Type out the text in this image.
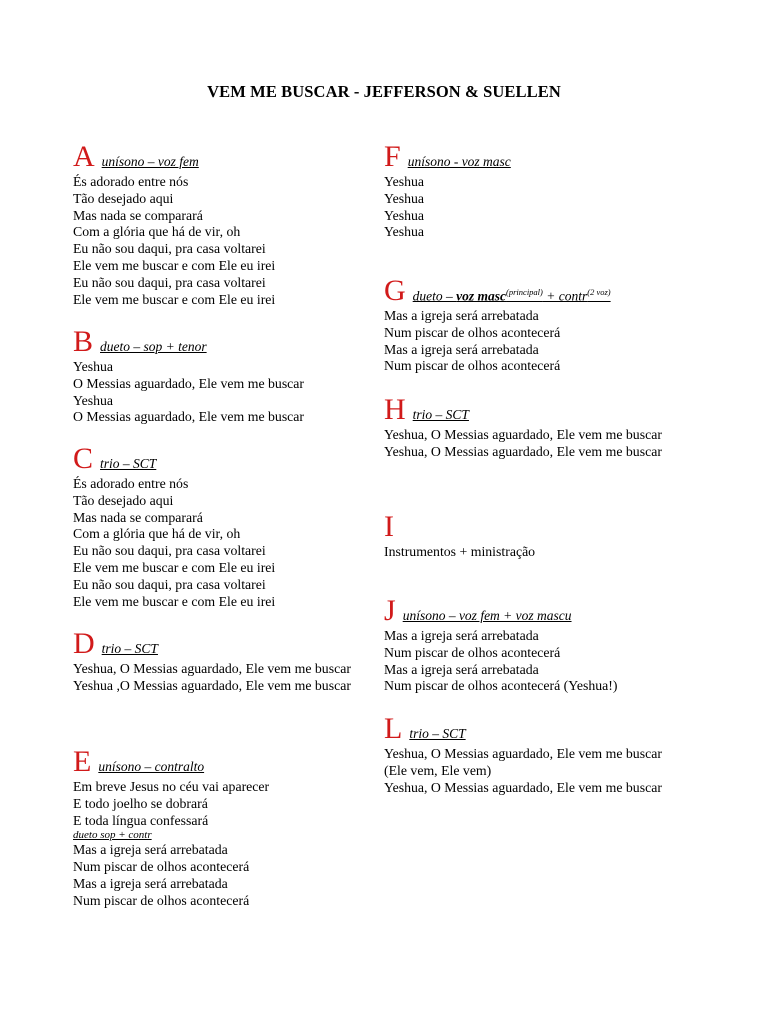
VEM ME BUSCAR - JEFFERSON & SUELLEN
A unísono – voz fem
És adorado entre nós
Tão desejado aqui
Mas nada se comparará
Com a glória que há de vir, oh
Eu não sou daqui, pra casa voltarei
Ele vem me buscar e com Ele eu irei
Eu não sou daqui, pra casa voltarei
Ele vem me buscar e com Ele eu irei
B dueto – sop + tenor
Yeshua
O Messias aguardado, Ele vem me buscar
Yeshua
O Messias aguardado, Ele vem me buscar
C trio – SCT
És adorado entre nós
Tão desejado aqui
Mas nada se comparará
Com a glória que há de vir, oh
Eu não sou daqui, pra casa voltarei
Ele vem me buscar e com Ele eu irei
Eu não sou daqui, pra casa voltarei
Ele vem me buscar e com Ele eu irei
D trio – SCT
Yeshua, O Messias aguardado, Ele vem me buscar
Yeshua ,O Messias aguardado, Ele vem me buscar
E unísono – contralto
Em breve Jesus no céu vai aparecer
E todo joelho se dobrará
E toda língua confessará
dueto sop + contr
Mas a igreja será arrebatada
Num piscar de olhos acontecerá
Mas a igreja será arrebatada
Num piscar de olhos acontecerá
F unísono - voz masc
Yeshua
Yeshua
Yeshua
Yeshua
G dueto – voz masc$^{(principal)}$ + contr$^{(2 voz)}$
Mas a igreja será arrebatada
Num piscar de olhos acontecerá
Mas a igreja será arrebatada
Num piscar de olhos acontecerá
H trio – SCT
Yeshua, O Messias aguardado, Ele vem me buscar
Yeshua, O Messias aguardado, Ele vem me buscar
I
Instrumentos + ministração
J unísono – voz fem + voz mascu
Mas a igreja será arrebatada
Num piscar de olhos acontecerá
Mas a igreja será arrebatada
Num piscar de olhos acontecerá (Yeshua!)
L trio – SCT
Yeshua, O Messias aguardado, Ele vem me buscar (Ele vem, Ele vem)
Yeshua, O Messias aguardado, Ele vem me buscar
